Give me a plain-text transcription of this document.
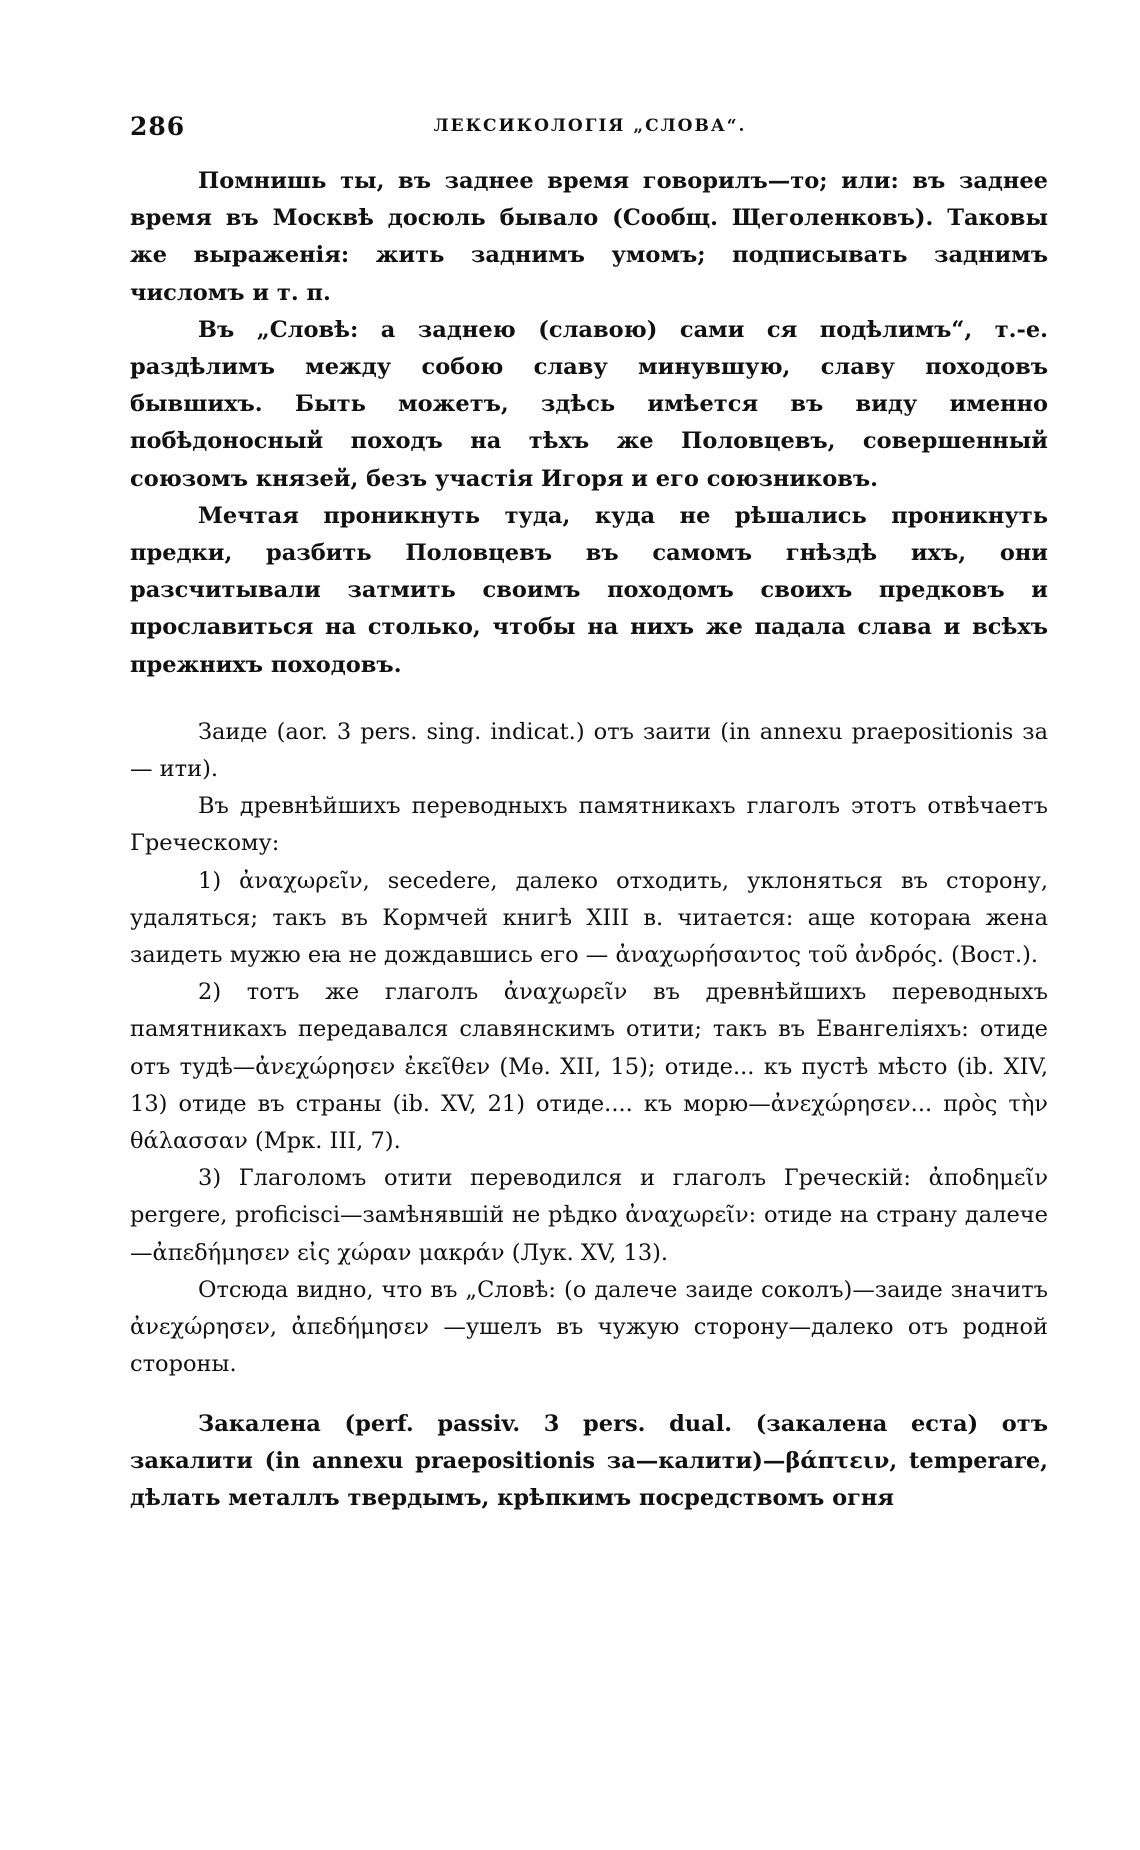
286	ЛЕКСИКОЛОГІЯ „СЛОВА“.

Помнишь ты, въ заднее время говорилъ—то; или: въ заднее время въ Москвѣ досюль бывало (Сообщ. Щеголенковъ). Таковы же выраженія: жить заднимъ умомъ; подписывать заднимъ числомъ и т. п.

Въ „Словѣ: а заднею (славою) сами ся подѣлимъ“, т.-е. раздѣлимъ между собою славу минувшую, славу походовъ бывшихъ. Быть можетъ, здѣсь имѣется въ виду именно побѣдоносный походъ на тѣхъ же Половцевъ, совершенный союзомъ князей, безъ участія Игоря и его союзниковъ.

Мечтая проникнуть туда, куда не рѣшались проникнуть предки, разбить Половцевъ въ самомъ гнѣздѣ ихъ, они разсчитывали затмить своимъ походомъ своихъ предковъ и прославиться на столько, чтобы на нихъ же падала слава и всѣхъ прежнихъ походовъ.

Заиде (aor. 3 pers. sing. indicat.) отъ заити (in annexu praepositionis за— ити).

Въ древнѣйшихъ переводныхъ памятникахъ глаголъ этотъ отвѣчаетъ Греческому:

1) ἀναχωρεῖν, secedere, далеко отходить, уклоняться въ сторону, удаляться; такъ въ Кормчей книгѣ XIII в. читается: аще котораꙗ жена заидеть мужю еꙗ не дождавшись его — ἀναχωρήσαντος τοῦ ἀνδρός. (Вост.).

2) тотъ же глаголъ ἀναχωρεῖν въ древнѣйшихъ переводныхъ памятникахъ передавался славянскимъ отити; такъ въ Евангеліяхъ: отиде отъ тудѣ—ἀνεχώρησεν ἐκεῖθεν (Мѳ. XII, 15); отиде... къ пустѣ мѣсто (ib. XIV, 13) отиде въ страны (ib. XV, 21) отиде.... къ морю—ἀνεχώρησεν... πρὸς τὴν θάλασσαν (Мрк. III, 7).

3) Глаголомъ отити переводился и глаголъ Греческій: ἀποδημεῖν pergere, proficisci—замѣнявшій не рѣдко ἀναχωρεῖν: отиде на страну далече —ἀπεδήμησεν εἰς χώραν μακράν (Лук. XV, 13).

Отсюда видно, что въ „Словѣ: (о далече заиде соколъ)—заиде значитъ ἀνεχώρησεν, ἀπεδήμησεν —ушелъ въ чужую сторону—далеко отъ родной стороны.

Закалена (perf. passiv. 3 pers. dual. (закалена еста) отъ закалити (in annexu praepositionis за—калити)—βάπτειν, temperare, дѣлать металлъ твердымъ, крѣпкимъ посредствомъ огня
